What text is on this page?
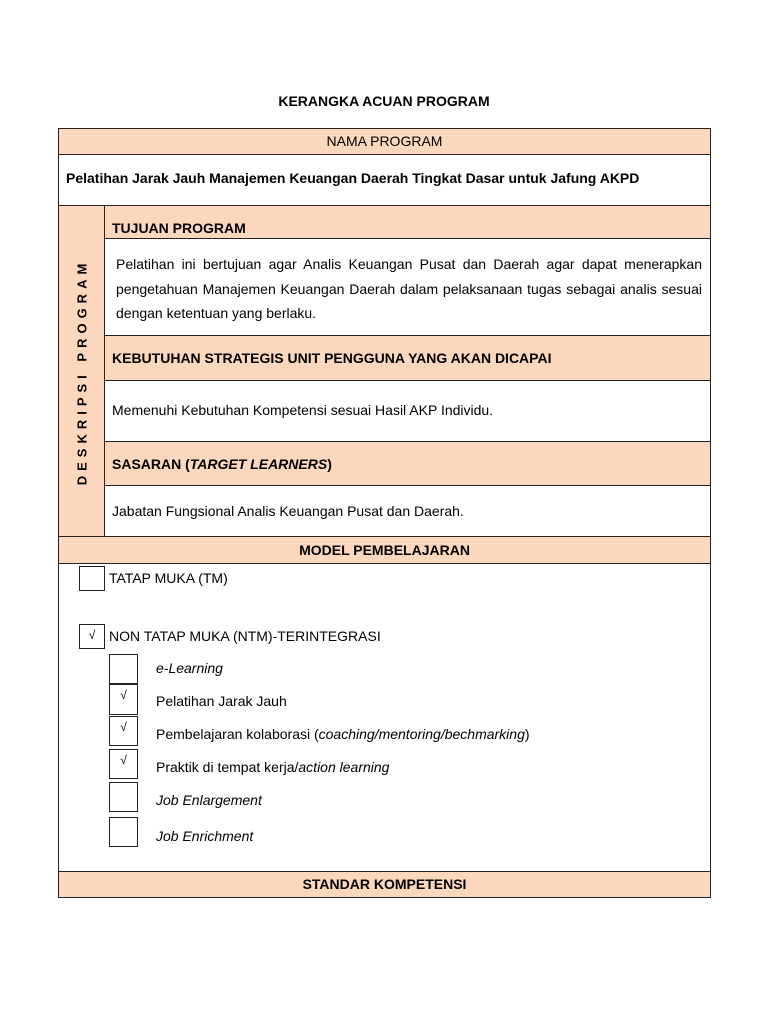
KERANGKA ACUAN PROGRAM
NAMA PROGRAM
Pelatihan Jarak Jauh Manajemen Keuangan Daerah Tingkat Dasar untuk Jafung AKPD
DESKRIPSI PROGRAM
TUJUAN PROGRAM
Pelatihan ini bertujuan agar Analis Keuangan Pusat dan Daerah agar dapat menerapkan
pengetahuan Manajemen Keuangan Daerah dalam pelaksanaan tugas sebagai analis sesuai
dengan ketentuan yang berlaku.
KEBUTUHAN STRATEGIS UNIT PENGGUNA YANG AKAN DICAPAI
Memenuhi Kebutuhan Kompetensi sesuai Hasil AKP Individu.
SASARAN (TARGET LEARNERS)
Jabatan Fungsional Analis Keuangan Pusat dan Daerah.
MODEL PEMBELAJARAN
TATAP MUKA (TM)
√ NON TATAP MUKA (NTM)-TERINTEGRASI
e-Learning
√	Pelatihan Jarak Jauh
√	Pembelajaran kolaborasi (coaching/mentoring/bechmarking)
√	Praktik di tempat kerja/action learning
Job Enlargement
Job Enrichment
STANDAR KOMPETENSI
